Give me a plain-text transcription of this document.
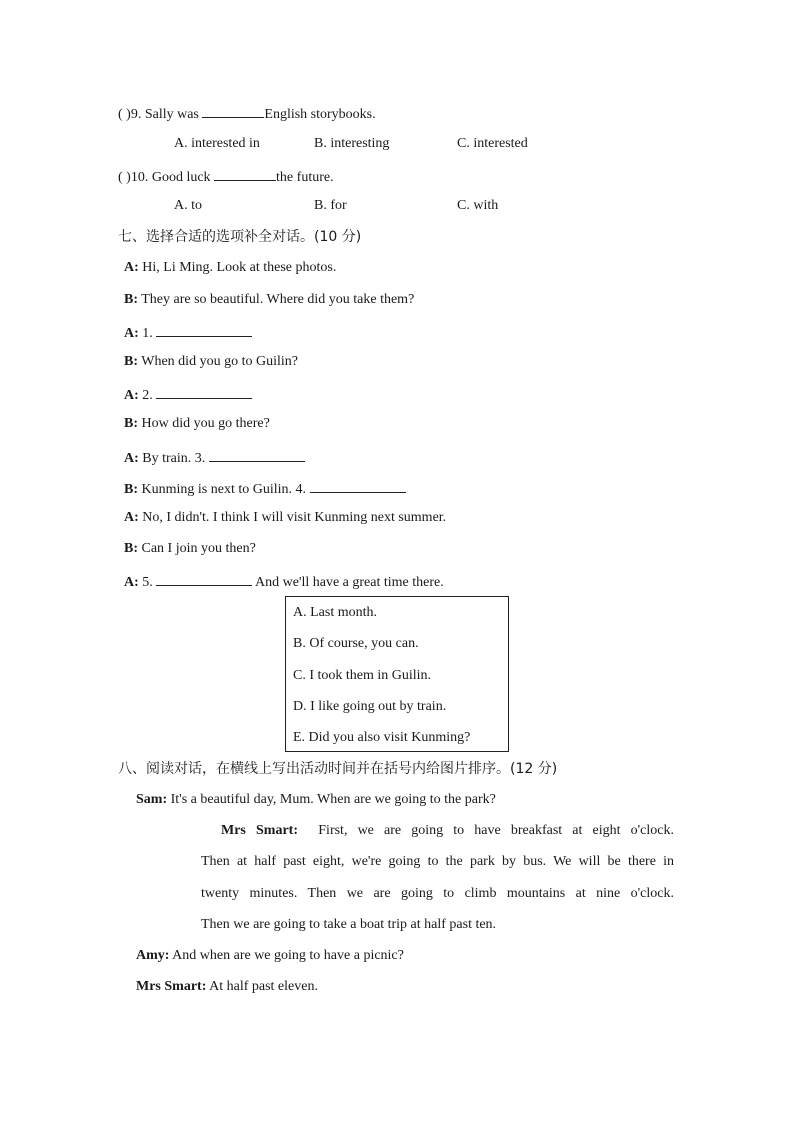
( )9. Sally was	English storybooks.
A. interested in	B. interesting	C. interested
( )10. Good luck	the future.
A. to	B. for	C. with
七、选择合适的选项补全对话。(10 分)
A: Hi, Li Ming. Look at these photos.
B: They are so beautiful. Where did you take them?
A: 1.
B: When did you go to Guilin?
A: 2.
B: How did you go there?
A: By train. 3.
B: Kunming is next to Guilin. 4.
A: No, I didn't. I think I will visit Kunming next summer.
B: Can I join you then?
A: 5.	And we'll have a great time there.
A. Last month.
B. Of course, you can.
C. I took them in Guilin.
D. I like going out by train.
E. Did you also visit Kunming?
八、阅读对话，在横线上写出活动时间并在括号内给图片排序。(12 分)
Sam: It's a beautiful day, Mum. When are we going to the park?
Mrs Smart: First, we are going to have breakfast at eight o'clock.
Then at half past eight, we're going to the park by bus. We will be there in
twenty minutes. Then we are going to climb mountains at nine o'clock.
Then we are going to take a boat trip at half past ten.
Amy: And when are we going to have a picnic?
Mrs Smart: At half past eleven.
